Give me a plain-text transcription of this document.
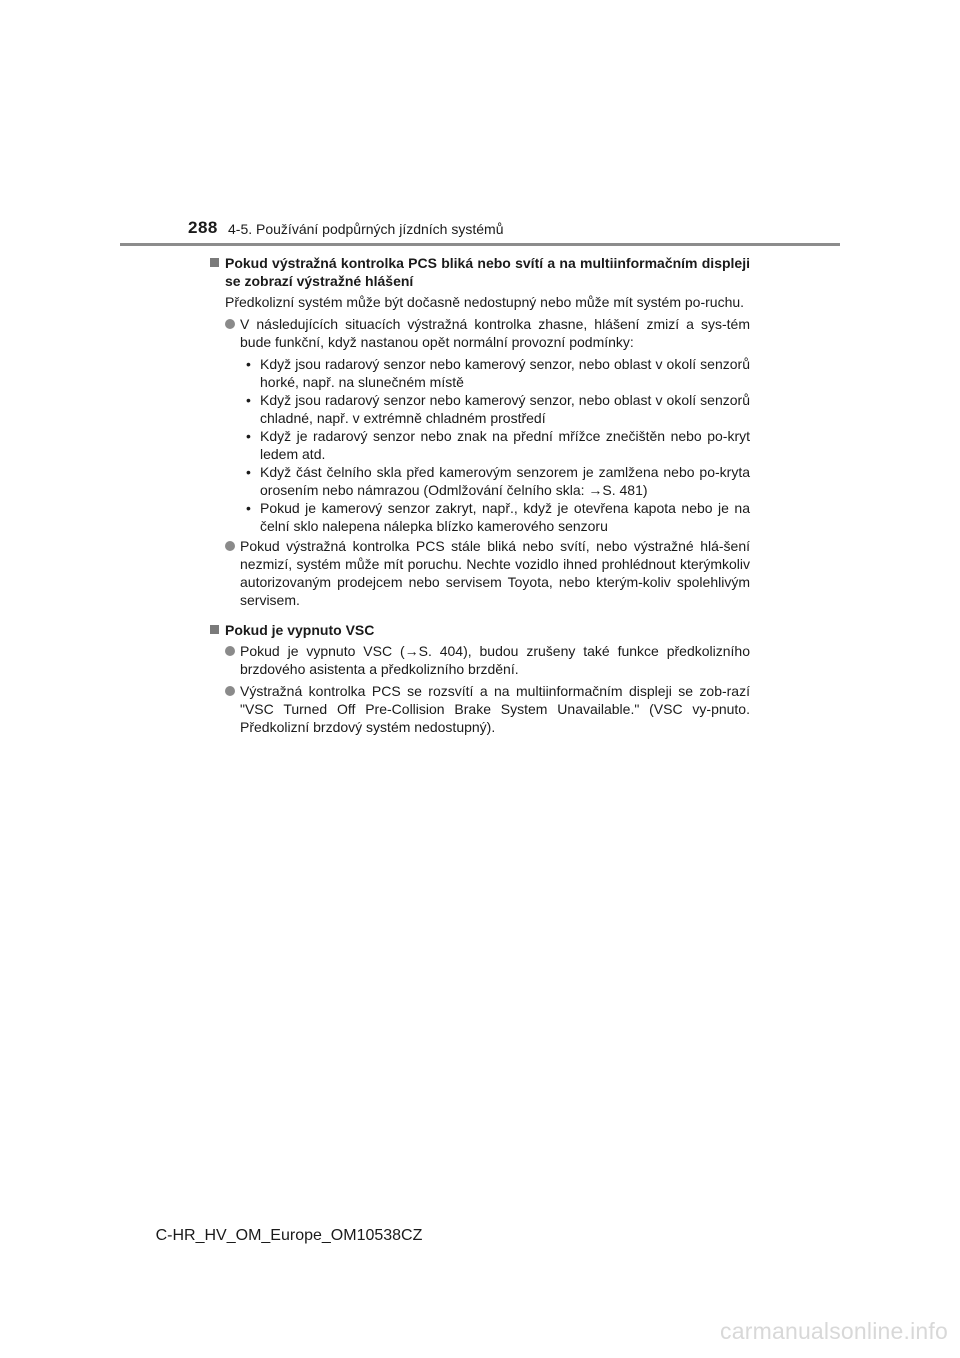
288 4-5. Používání podpůrných jízdních systémů
Pokud výstražná kontrolka PCS bliká nebo svítí a na multiinformačním displeji se zobrazí výstražné hlášení
Předkolizní systém může být dočasně nedostupný nebo může mít systém po-ruchu.
V následujících situacích výstražná kontrolka zhasne, hlášení zmizí a sys-tém bude funkční, když nastanou opět normální provozní podmínky:
• Když jsou radarový senzor nebo kamerový senzor, nebo oblast v okolí senzorů horké, např. na slunečném místě
• Když jsou radarový senzor nebo kamerový senzor, nebo oblast v okolí senzorů chladné, např. v extrémně chladném prostředí
• Když je radarový senzor nebo znak na přední mřížce znečištěn nebo po-kryt ledem atd.
• Když část čelního skla před kamerovým senzorem je zamlžena nebo po-kryta orosením nebo námrazou (Odmlžování čelního skla: →S. 481)
• Pokud je kamerový senzor zakryt, např., když je otevřena kapota nebo je na čelní sklo nalepena nálepka blízko kamerového senzoru
Pokud výstražná kontrolka PCS stále bliká nebo svítí, nebo výstražné hlá-šení nezmizí, systém může mít poruchu. Nechte vozidlo ihned prohlédnout kterýmkoliv autorizovaným prodejcem nebo servisem Toyota, nebo kterým-koliv spolehlivým servisem.
Pokud je vypnuto VSC
Pokud je vypnuto VSC (→S. 404), budou zrušeny také funkce předkolizního brzdového asistenta a předkolizního brzdění.
Výstražná kontrolka PCS se rozsvítí a na multiinformačním displeji se zob-razí "VSC Turned Off Pre-Collision Brake System Unavailable." (VSC vy-pnuto. Předkolizní brzdový systém nedostupný).
C-HR_HV_OM_Europe_OM10538CZ
carmanualsonline.info
